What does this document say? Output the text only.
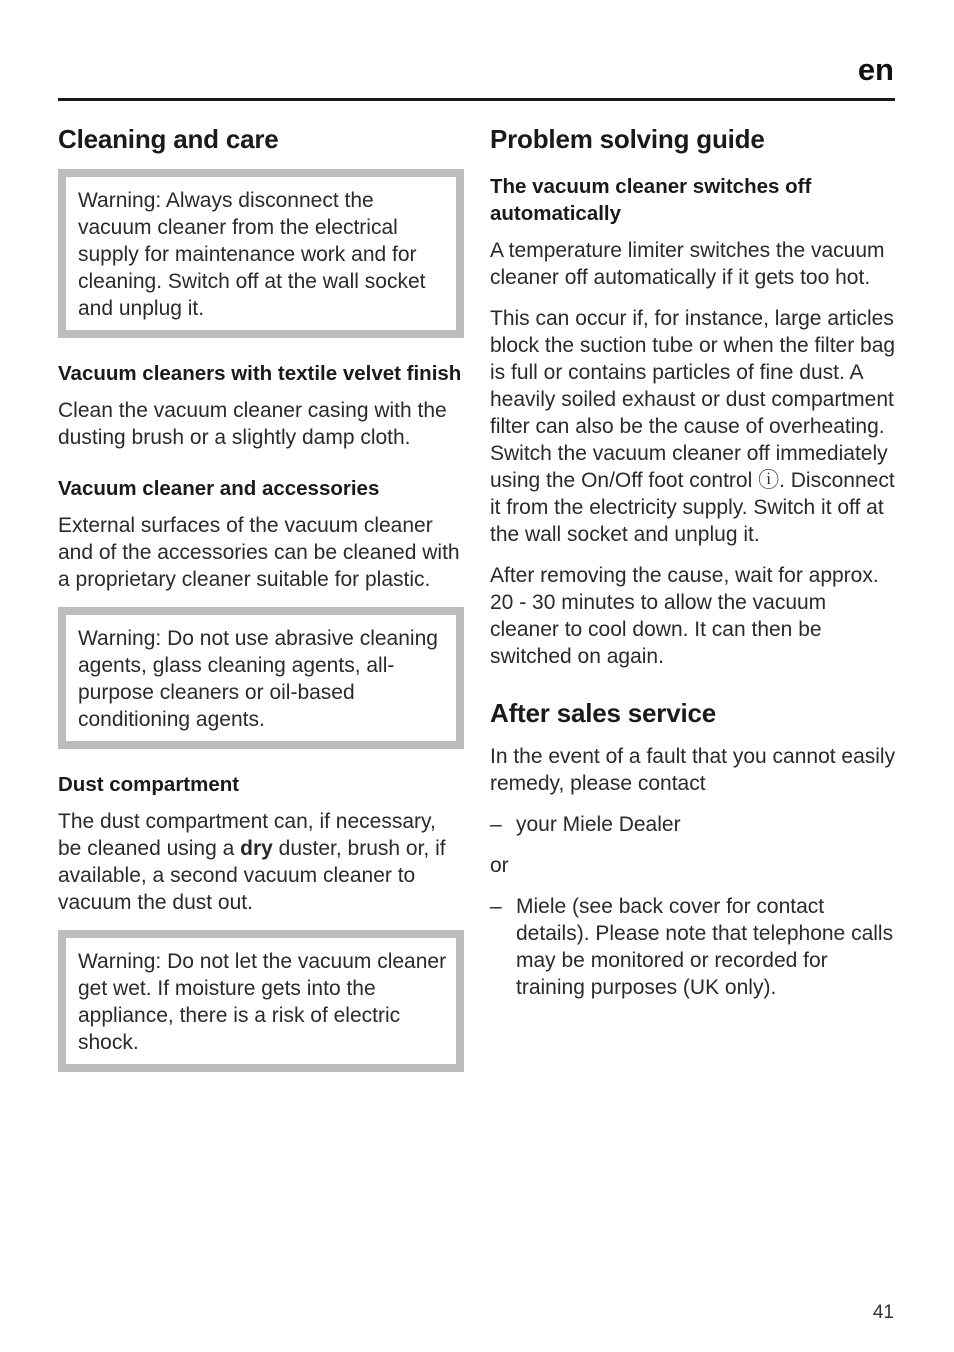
en
Cleaning and care

Warning: Always disconnect the vacuum cleaner from the electrical supply for maintenance work and for cleaning. Switch off at the wall socket and unplug it.

Vacuum cleaners with textile velvet finish

Clean the vacuum cleaner casing with the dusting brush or a slightly damp cloth.

Vacuum cleaner and accessories

External surfaces of the vacuum cleaner and of the accessories can be cleaned with a proprietary cleaner suitable for plastic.

Warning: Do not use abrasive cleaning agents, glass cleaning agents, all-purpose cleaners or oil-based conditioning agents.

Dust compartment

The dust compartment can, if necessary, be cleaned using a dry duster, brush or, if available, a second vacuum cleaner to vacuum the dust out.

Warning: Do not let the vacuum cleaner get wet. If moisture gets into the appliance, there is a risk of electric shock.

Problem solving guide
The vacuum cleaner switches off automatically

A temperature limiter switches the vacuum cleaner off automatically if it gets too hot.

This can occur if, for instance, large articles block the suction tube or when the filter bag is full or contains particles of fine dust. A heavily soiled exhaust or dust compartment filter can also be the cause of overheating. Switch the vacuum cleaner off immediately using the On/Off foot control ⓘ. Disconnect it from the electricity supply. Switch it off at the wall socket and unplug it.

After removing the cause, wait for approx. 20 - 30 minutes to allow the vacuum cleaner to cool down. It can then be switched on again.

After sales service

In the event of a fault that you cannot easily remedy, please contact

– your Miele Dealer

or

– Miele (see back cover for contact details). Please note that telephone calls may be monitored or recorded for training purposes (UK only).

41
